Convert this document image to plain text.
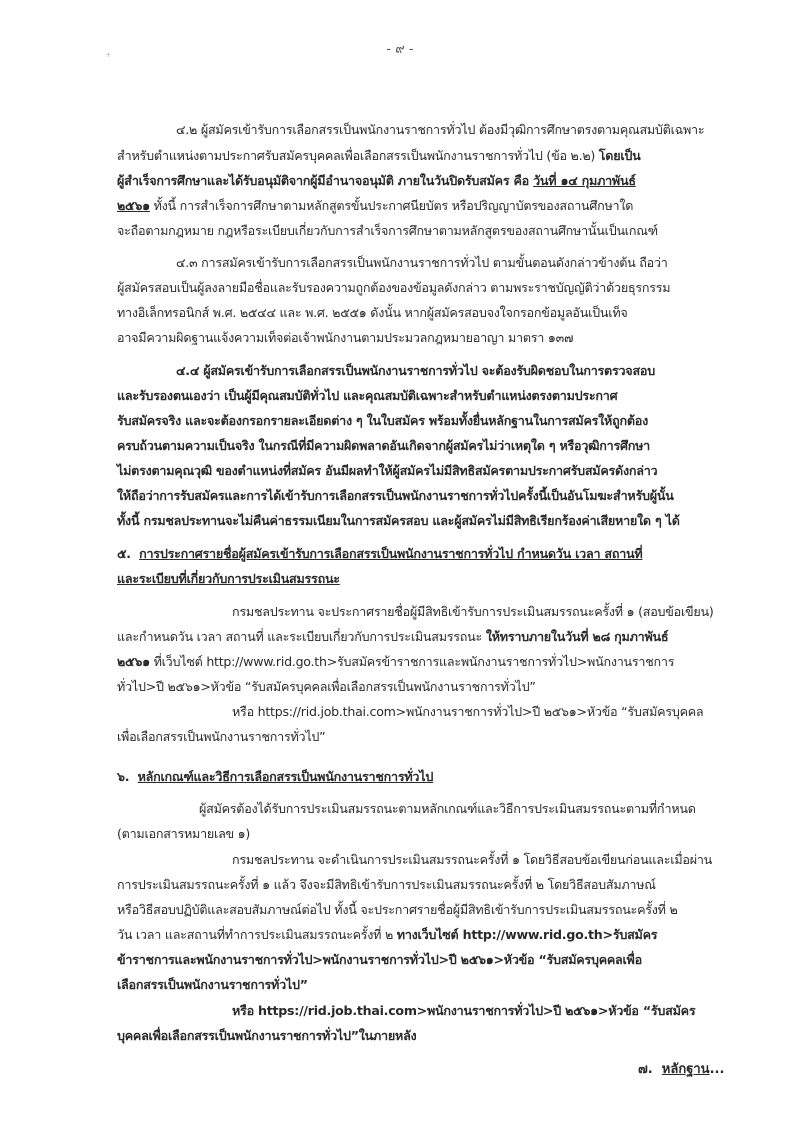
+	- ๙ -
๔.๒ ผู้สมัครเข้ารับการเลือกสรรเป็นพนักงานราชการทั่วไป ต้องมีวุฒิการศึกษาตรงตามคุณสมบัติเฉพาะ
สำหรับตำแหน่งตามประกาศรับสมัครบุคคลเพื่อเลือกสรรเป็นพนักงานราชการทั่วไป (ข้อ ๒.๒) โดยเป็น
ผู้สำเร็จการศึกษาและได้รับอนุมัติจากผู้มีอำนาจอนุมัติ ภายในวันปิดรับสมัคร คือ วันที่ ๑๔ กุมภาพันธ์
๒๕๖๑ ทั้งนี้ การสำเร็จการศึกษาตามหลักสูตรขั้นประกาศนียบัตร หรือปริญญาบัตรของสถานศึกษาใด
จะถือตามกฎหมาย กฎหรือระเบียบเกี่ยวกับการสำเร็จการศึกษาตามหลักสูตรของสถานศึกษานั้นเป็นเกณฑ์
๔.๓ การสมัครเข้ารับการเลือกสรรเป็นพนักงานราชการทั่วไป ตามขั้นตอนดังกล่าวข้างต้น ถือว่า
ผู้สมัครสอบเป็นผู้ลงลายมือชื่อและรับรองความถูกต้องของข้อมูลดังกล่าว ตามพระราชบัญญัติว่าด้วยธุรกรรม
ทางอิเล็กทรอนิกส์ พ.ศ. ๒๕๔๔ และ พ.ศ. ๒๕๕๑ ดังนั้น หากผู้สมัครสอบจงใจกรอกข้อมูลอันเป็นเท็จ
อาจมีความผิดฐานแจ้งความเท็จต่อเจ้าพนักงานตามประมวลกฎหมายอาญา มาตรา ๑๓๗
๔.๔ ผู้สมัครเข้ารับการเลือกสรรเป็นพนักงานราชการทั่วไป จะต้องรับผิดชอบในการตรวจสอบ
และรับรองตนเองว่า เป็นผู้มีคุณสมบัติทั่วไป และคุณสมบัติเฉพาะสำหรับตำแหน่งตรงตามประกาศ
รับสมัครจริง และจะต้องกรอกรายละเอียดต่าง ๆ ในใบสมัคร พร้อมทั้งยื่นหลักฐานในการสมัครให้ถูกต้อง
ครบถ้วนตามความเป็นจริง ในกรณีที่มีความผิดพลาดอันเกิดจากผู้สมัครไม่ว่าเหตุใด ๆ หรือวุฒิการศึกษา
ไม่ตรงตามคุณวุฒิ ของตำแหน่งที่สมัคร อันมีผลทำให้ผู้สมัครไม่มีสิทธิสมัครตามประกาศรับสมัครดังกล่าว
ให้ถือว่าการรับสมัครและการได้เข้ารับการเลือกสรรเป็นพนักงานราชการทั่วไปครั้งนี้เป็นอันโมฆะสำหรับผู้นั้น
ทั้งนี้ กรมชลประทานจะไม่คืนค่าธรรมเนียมในการสมัครสอบ และผู้สมัครไม่มีสิทธิเรียกร้องค่าเสียหายใด ๆ ได้
๕. การประกาศรายชื่อผู้สมัครเข้ารับการเลือกสรรเป็นพนักงานราชการทั่วไป กำหนดวัน เวลา สถานที่
และระเบียบที่เกี่ยวกับการประเมินสมรรถนะ
กรมชลประทาน จะประกาศรายชื่อผู้มีสิทธิเข้ารับการประเมินสมรรถนะครั้งที่ ๑ (สอบข้อเขียน)
และกำหนดวัน เวลา สถานที่ และระเบียบเกี่ยวกับการประเมินสมรรถนะ ให้ทราบภายในวันที่ ๒๘ กุมภาพันธ์
๒๕๖๑ ที่เว็บไซต์ http://www.rid.go.th>รับสมัครข้าราชการและพนักงานราชการทั่วไป>พนักงานราชการ
ทั่วไป>ปี ๒๕๖๑>หัวข้อ “รับสมัครบุคคลเพื่อเลือกสรรเป็นพนักงานราชการทั่วไป”
หรือ https://rid.job.thai.com>พนักงานราชการทั่วไป>ปี ๒๕๖๑>หัวข้อ “รับสมัครบุคคล
เพื่อเลือกสรรเป็นพนักงานราชการทั่วไป”
๖. หลักเกณฑ์และวิธีการเลือกสรรเป็นพนักงานราชการทั่วไป
ผู้สมัครต้องได้รับการประเมินสมรรถนะตามหลักเกณฑ์และวิธีการประเมินสมรรถนะตามที่กำหนด
(ตามเอกสารหมายเลข ๑)
กรมชลประทาน จะดำเนินการประเมินสมรรถนะครั้งที่ ๑ โดยวิธีสอบข้อเขียนก่อนและเมื่อผ่าน
การประเมินสมรรถนะครั้งที่ ๑ แล้ว จึงจะมีสิทธิเข้ารับการประเมินสมรรถนะครั้งที่ ๒ โดยวิธีสอบสัมภาษณ์
หรือวิธีสอบปฏิบัติและสอบสัมภาษณ์ต่อไป ทั้งนี้ จะประกาศรายชื่อผู้มีสิทธิเข้ารับการประเมินสมรรถนะครั้งที่ ๒
วัน เวลา และสถานที่ทำการประเมินสมรรถนะครั้งที่ ๒ ทางเว็บไซต์ http://www.rid.go.th>รับสมัคร
ข้าราชการและพนักงานราชการทั่วไป>พนักงานราชการทั่วไป>ปี ๒๕๖๑>หัวข้อ “รับสมัครบุคคลเพื่อ
เลือกสรรเป็นพนักงานราชการทั่วไป”
หรือ https://rid.job.thai.com>พนักงานราชการทั่วไป>ปี ๒๕๖๑>หัวข้อ “รับสมัคร
บุคคลเพื่อเลือกสรรเป็นพนักงานราชการทั่วไป”ในภายหลัง
๗. หลักฐาน...
